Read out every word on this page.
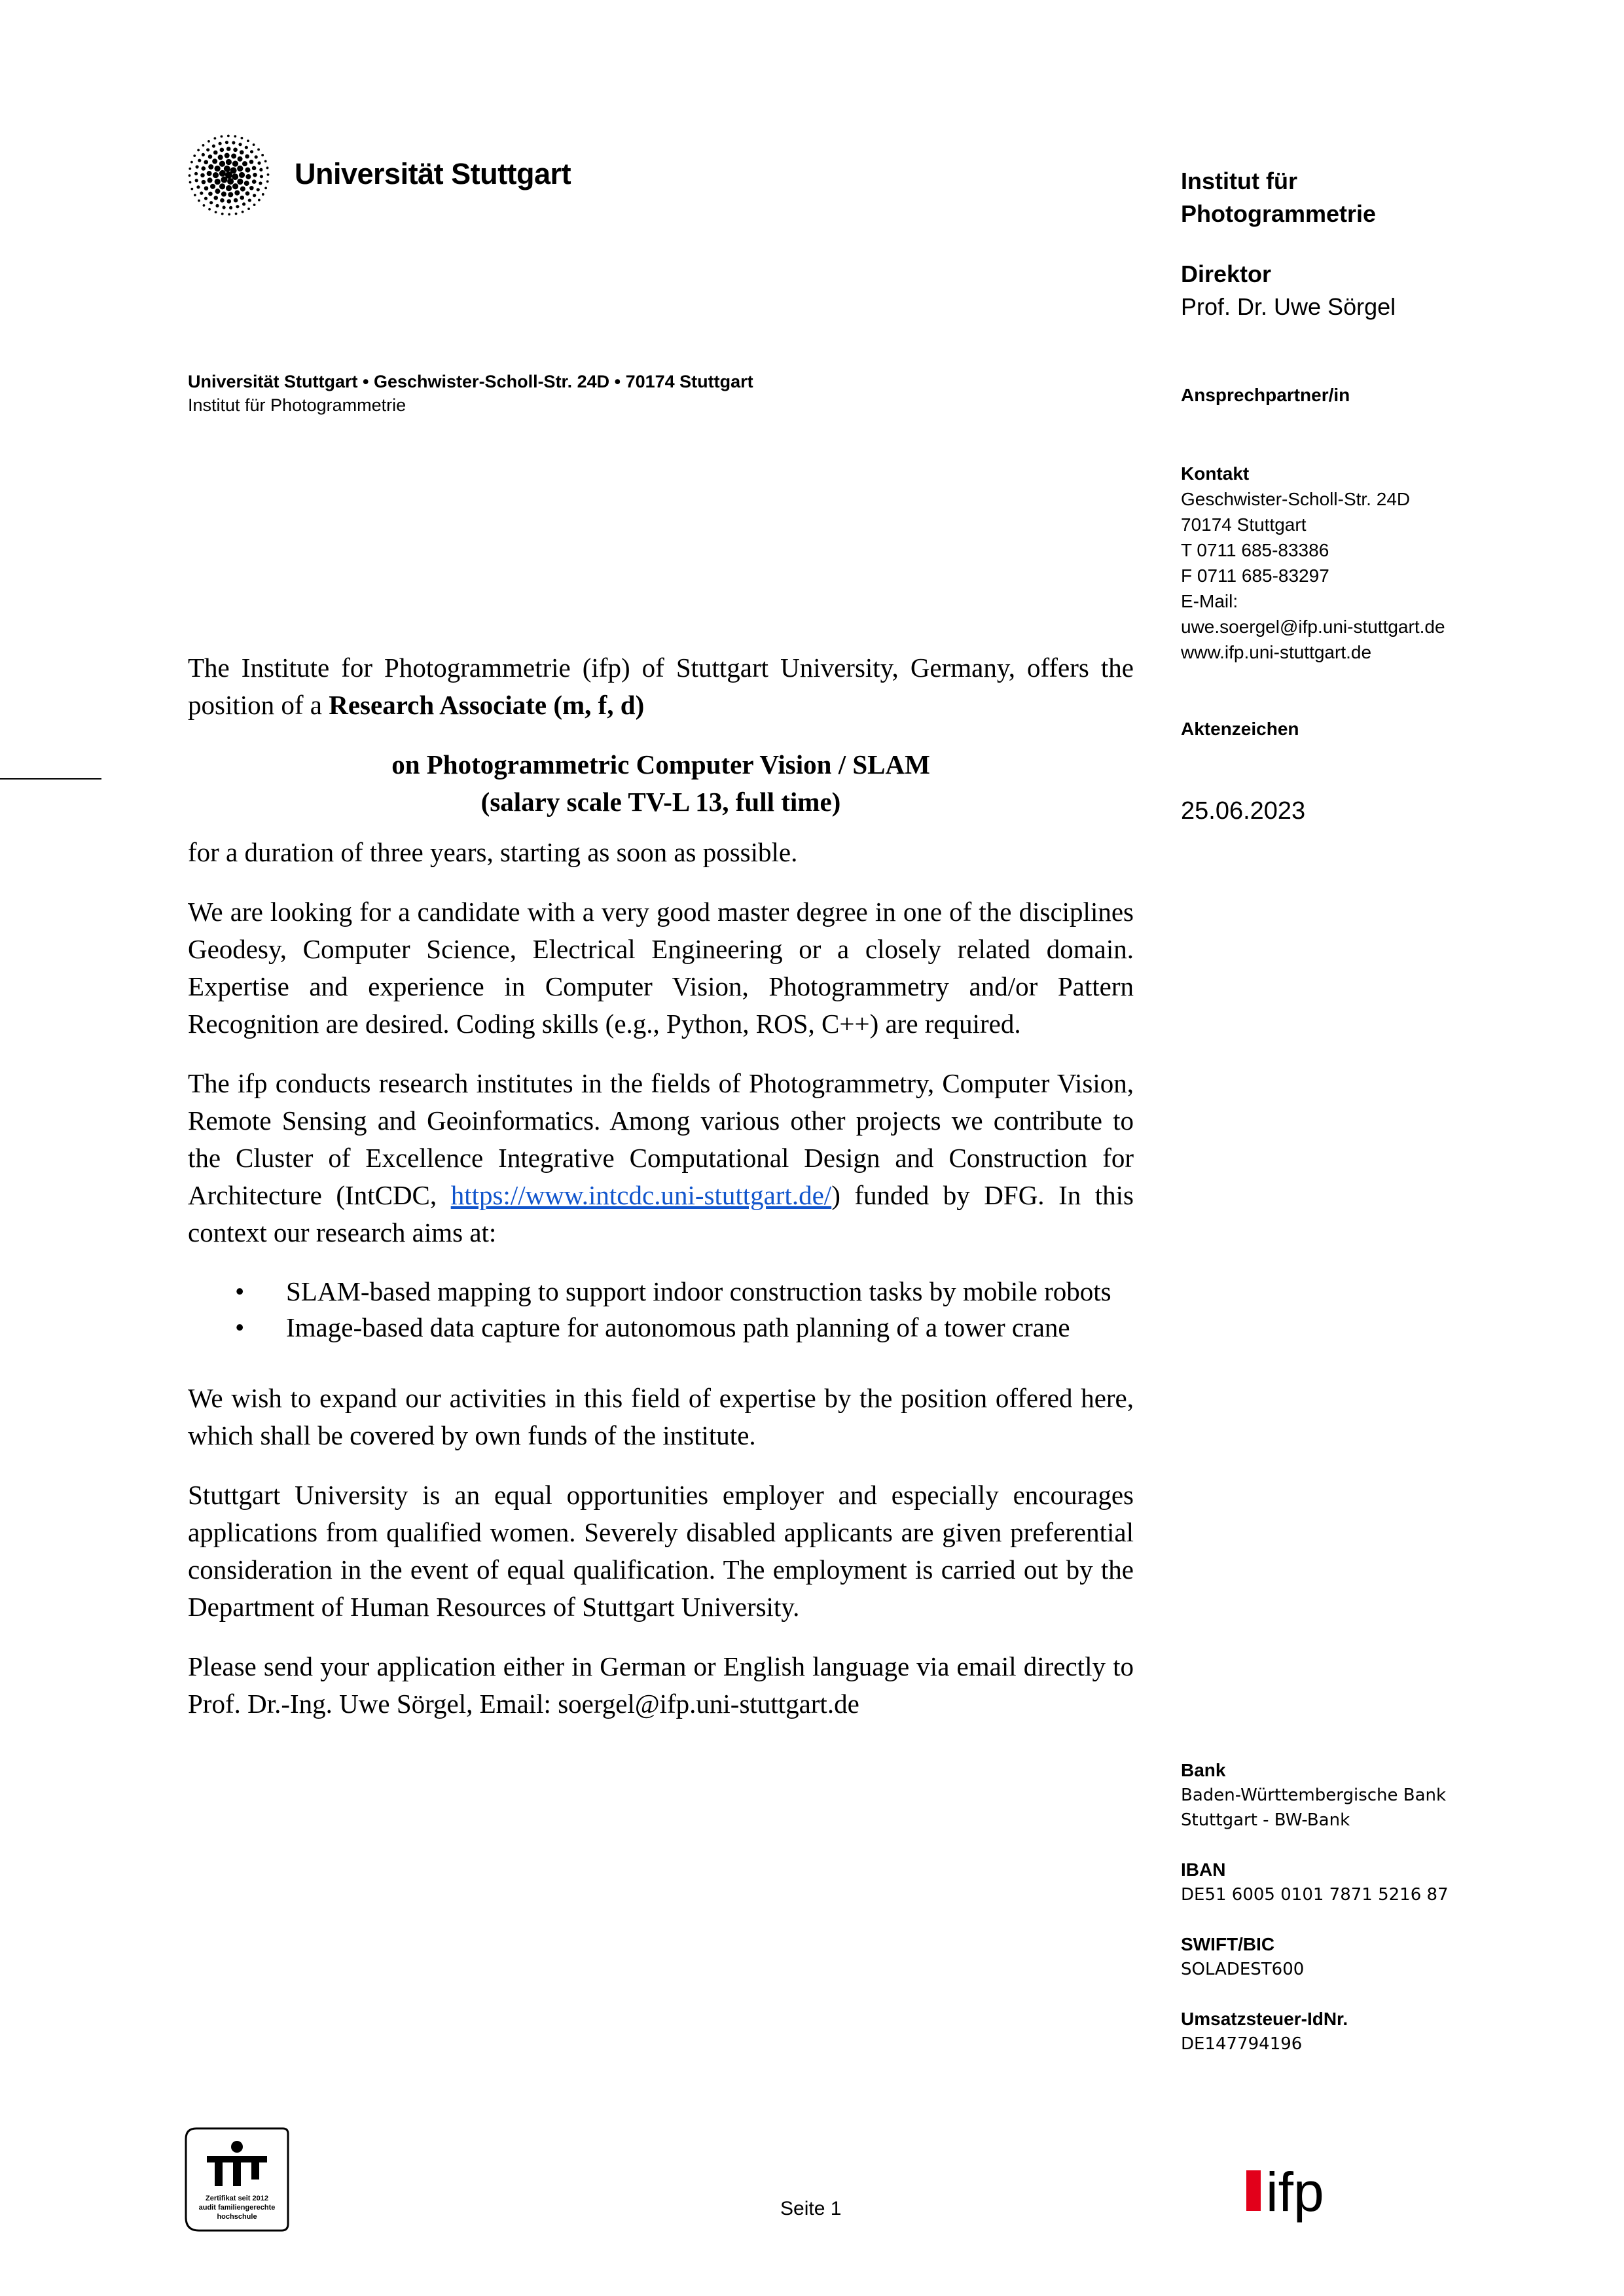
Universität Stuttgart
Universität Stuttgart • Geschwister-Scholl-Str. 24D • 70174 Stuttgart
Institut für Photogrammetrie
Institut für
Photogrammetrie
Direktor
Prof. Dr. Uwe Sörgel
Ansprechpartner/in
Kontakt
Geschwister-Scholl-Str. 24D
70174 Stuttgart
T 0711 685-83386
F 0711 685-83297
E-Mail:
uwe.soergel@ifp.uni-stuttgart.de
www.ifp.uni-stuttgart.de
Aktenzeichen
25.06.2023
Bank
Baden-Württembergische Bank
Stuttgart - BW-Bank
IBAN
DE51 6005 0101 7871 5216 87
SWIFT/BIC
SOLADEST600
Umsatzsteuer-IdNr.
DE147794196

The Institute for Photogrammetrie (ifp) of Stuttgart University, Germany, offers the position of a Research Associate (m, f, d)

on Photogrammetric Computer Vision / SLAM
(salary scale TV-L 13, full time)

for a duration of three years, starting as soon as possible.

We are looking for a candidate with a very good master degree in one of the disciplines Geodesy, Computer Science, Electrical Engineering or a closely related domain. Expertise and experience in Computer Vision, Photogrammetry and/or Pattern Recognition are desired. Coding skills (e.g., Python, ROS, C++) are required.

The ifp conducts research institutes in the fields of Photogrammetry, Computer Vision, Remote Sensing and Geoinformatics. Among various other projects we contribute to the Cluster of Excellence Integrative Computational Design and Construction for Architecture (IntCDC, https://www.intcdc.uni-stuttgart.de/) funded by DFG. In this context our research aims at:

• SLAM-based mapping to support indoor construction tasks by mobile robots
• Image-based data capture for autonomous path planning of a tower crane

We wish to expand our activities in this field of expertise by the position offered here, which shall be covered by own funds of the institute.

Stuttgart University is an equal opportunities employer and especially encourages applications from qualified women. Severely disabled applicants are given preferential consideration in the event of equal qualification. The employment is carried out by the Department of Human Resources of Stuttgart University.

Please send your application either in German or English language via email directly to Prof. Dr.-Ing. Uwe Sörgel, Email: soergel@ifp.uni-stuttgart.de

Zertifikat seit 2012
audit familiengerechte
hochschule	Seite 1	ifp
